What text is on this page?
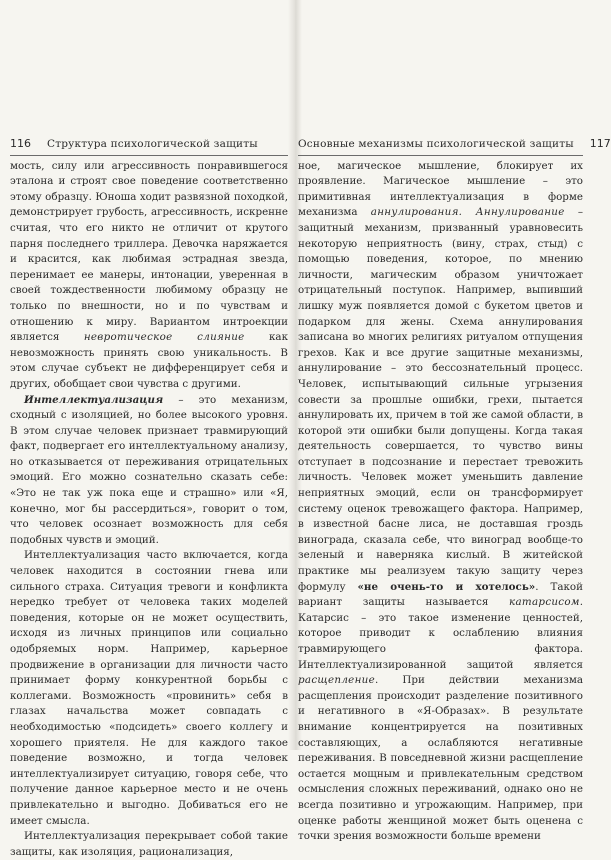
116 Структура психологической защиты

мость, силу или агрессивность понравившегося эталона и строят свое поведение соответственно этому образцу. Юноша ходит развязной походкой, демонстрирует грубость, агрессивность, искренне считая, что его никто не отличит от крутого парня последнего триллера. Девочка наряжается и красится, как любимая эстрадная звезда, перенимает ее манеры, интонации, уверенная в своей тождественности любимому образцу не только по внешности, но и по чувствам и отношению к миру. Вариантом интроекции является невротическое слияние как невозможность принять свою уникальность. В этом случае субъект не дифференцирует себя и других, обобщает свои чувства с другими.

Интеллектуализация – это механизм, сходный с изоляцией, но более высокого уровня. В этом случае человек признает травмирующий факт, подвергает его интеллектуальному анализу, но отказывается от переживания отрицательных эмоций. Его можно сознательно сказать себе: «Это не так уж пока еще и страшно» или «Я, конечно, мог бы рассердиться», говорит о том, что человек осознает возможность для себя подобных чувств и эмоций.

Интеллектуализация часто включается, когда человек находится в состоянии гнева или сильного страха. Ситуация тревоги и конфликта нередко требует от человека таких моделей поведения, которые он не может осуществить, исходя из личных принципов или социально одобряемых норм. Например, карьерное продвижение в организации для личности часто принимает форму конкурентной борьбы с коллегами. Возможность «провинить» себя в глазах начальства может совпадать с необходимостью «подсидеть» своего коллегу и хорошего приятеля. Не для каждого такое поведение возможно, и тогда человек интеллектуализирует ситуацию, говоря себе, что получение данное карьерное место и не очень привлекательно и выгодно. Добиваться его не имеет смысла.

Интеллектуализация перекрывает собой такие защиты, как изоляция, рационализация,

Основные механизмы психологической защиты 117

ное, магическое мышление, блокирует их проявление. Магическое мышление – это примитивная интеллектуализация в форме механизма аннулирования. Аннулирование – защитный механизм, призванный уравновесить некоторую неприятность (вину, страх, стыд) с помощью поведения, которое, по мнению личности, магическим образом уничтожает отрицательный поступок. Например, выпивший лишку муж появляется домой с букетом цветов и подарком для жены. Схема аннулирования записана во многих религиях ритуалом отпущения грехов. Как и все другие защитные механизмы, аннулирование – это бессознательный процесс. Человек, испытывающий сильные угрызения совести за прошлые ошибки, грехи, пытается аннулировать их, причем в той же самой области, в которой эти ошибки были допущены. Когда такая деятельность совершается, то чувство вины отступает в подсознание и перестает тревожить личность. Человек может уменьшить давление неприятных эмоций, если он трансформирует систему оценок тревожащего фактора. Например, в известной басне лиса, не доставшая гроздь винограда, сказала себе, что виноград вообще-то зеленый и наверняка кислый. В житейской практике мы реализуем такую защиту через формулу «не очень-то и хотелось». Такой вариант защиты называется катарсисом. Катарсис – это такое изменение ценностей, которое приводит к ослаблению влияния травмирующего фактора. Интеллектуализированной защитой является расщепление. При действии механизма расщепления происходит разделение позитивного и негативного в «Я-Образах». В результате внимание концентрируется на позитивных составляющих, а ослабляются негативные переживания. В повседневной жизни расщепление остается мощным и привлекательным средством осмысления сложных переживаний, однако оно не всегда позитивно и угрожающим. Например, при оценке работы женщиной может быть оценена с точки зрения возможности больше времени
